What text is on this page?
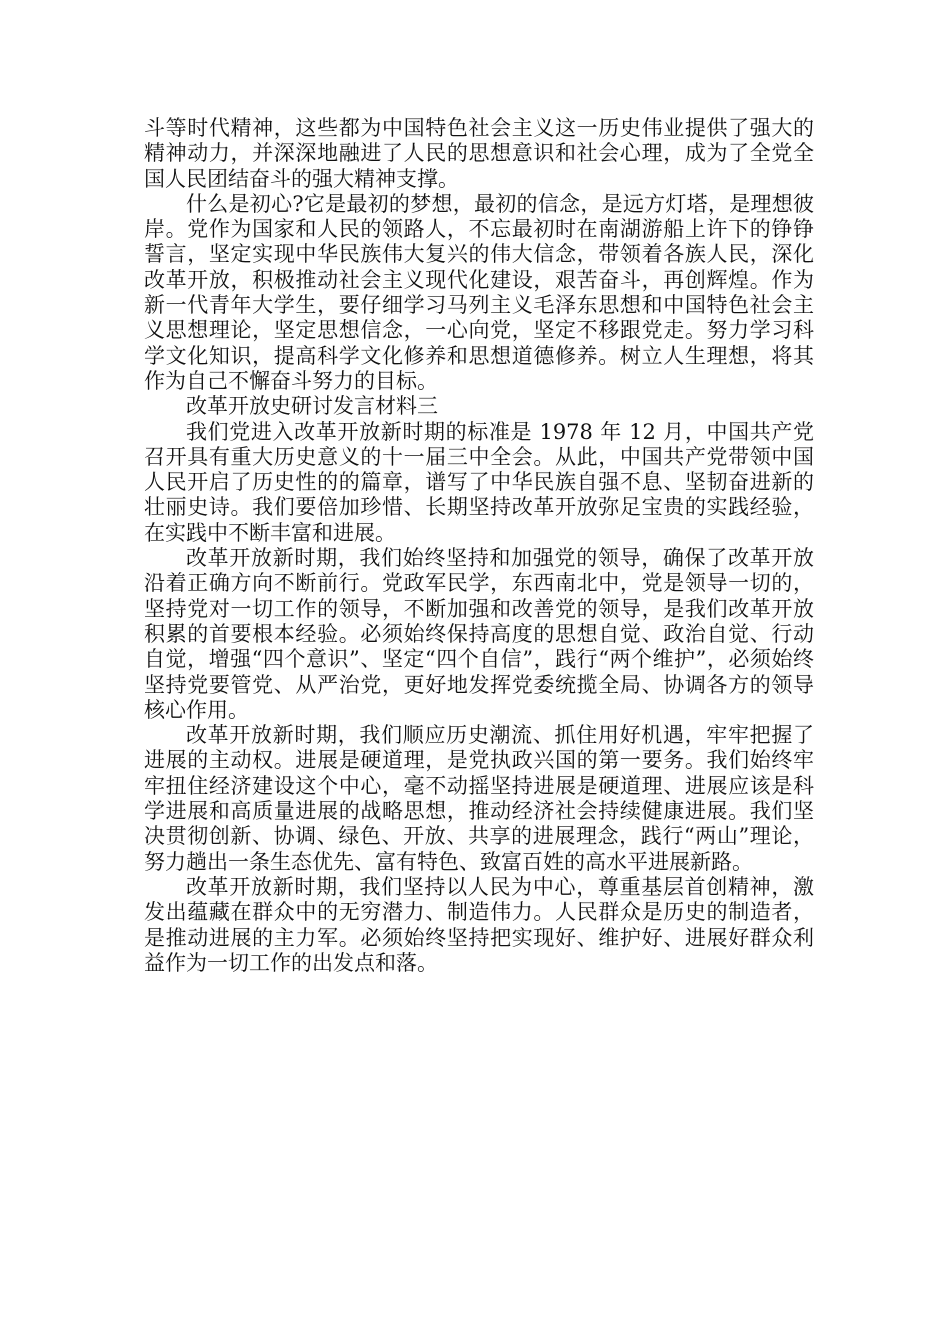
斗等时代精神，这些都为中国特色社会主义这一历史伟业提供了强大的精神动力，并深深地融进了人民的思想意识和社会心理，成为了全党全国人民团结奋斗的强大精神支撑。

什么是初心?它是最初的梦想，最初的信念，是远方灯塔，是理想彼岸。党作为国家和人民的领路人，不忘最初时在南湖游船上许下的铮铮誓言，坚定实现中华民族伟大复兴的伟大信念，带领着各族人民，深化改革开放，积极推动社会主义现代化建设，艰苦奋斗，再创辉煌。作为新一代青年大学生，要仔细学习马列主义毛泽东思想和中国特色社会主义思想理论，坚定思想信念，一心向党，坚定不移跟党走。努力学习科学文化知识，提高科学文化修养和思想道德修养。树立人生理想，将其作为自己不懈奋斗努力的目标。

改革开放史研讨发言材料三

我们党进入改革开放新时期的标准是 1978 年 12 月，中国共产党召开具有重大历史意义的十一届三中全会。从此，中国共产党带领中国人民开启了历史性的的篇章，谱写了中华民族自强不息、坚韧奋进新的壮丽史诗。我们要倍加珍惜、长期坚持改革开放弥足宝贵的实践经验，在实践中不断丰富和进展。

改革开放新时期，我们始终坚持和加强党的领导，确保了改革开放沿着正确方向不断前行。党政军民学，东西南北中，党是领导一切的，坚持党对一切工作的领导，不断加强和改善党的领导，是我们改革开放积累的首要根本经验。必须始终保持高度的思想自觉、政治自觉、行动自觉，增强“四个意识”、坚定“四个自信”，践行“两个维护”，必须始终坚持党要管党、从严治党，更好地发挥党委统揽全局、协调各方的领导核心作用。

改革开放新时期，我们顺应历史潮流、抓住用好机遇，牢牢把握了进展的主动权。进展是硬道理，是党执政兴国的第一要务。我们始终牢牢扭住经济建设这个中心，毫不动摇坚持进展是硬道理、进展应该是科学进展和高质量进展的战略思想，推动经济社会持续健康进展。我们坚决贯彻创新、协调、绿色、开放、共享的进展理念，践行“两山”理论，努力趟出一条生态优先、富有特色、致富百姓的高水平进展新路。

改革开放新时期，我们坚持以人民为中心，尊重基层首创精神，激发出蕴藏在群众中的无穷潜力、制造伟力。人民群众是历史的制造者，是推动进展的主力军。必须始终坚持把实现好、维护好、进展好群众利益作为一切工作的出发点和落。
